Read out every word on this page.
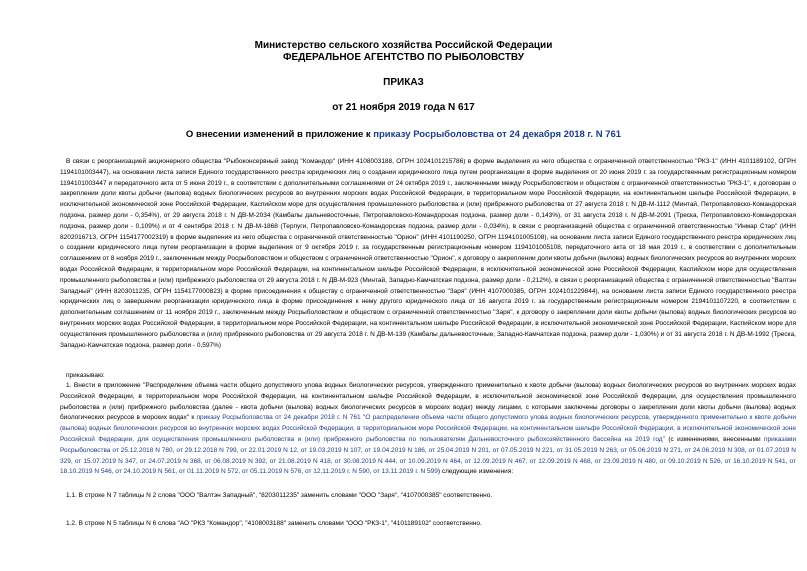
Министерство сельского хозяйства Российской Федерации
ФЕДЕРАЛЬНОЕ АГЕНТСТВО ПО РЫБОЛОВСТВУ
ПРИКАЗ
от 21 ноября 2019 года N 617
О внесении изменений в приложение к приказу Росрыболовства от 24 декабря 2018 г. N 761

В связи с реорганизацией акционерного общества "Рыбоконсервный завод "Командор" (ИНН 4108003188, ОГРН 1024101215786) в форме выделения из него общества с ограниченной ответственностью "РКЗ-1" (ИНН 4101189102, ОГРН 1194101003447), на основании листа записи Единого государственного реестра юридических лиц о создании юридического лица путем реорганизации в форме выделения от 20 июня 2019 г. за государственным регистрационным номером 1194101003447 и передаточного акта от 5 июня 2019 г., в соответствии с дополнительными соглашениями от 24 октября 2019 г., заключенными между Росрыболовством и обществом с ограниченной ответственностью "РКЗ-1", к договорам о закреплении доли квоты добычи (вылова) водных биологических ресурсов во внутренних морских водах Российской Федерации, в территориальном море Российской Федерации, на континентальном шельфе Российской Федерации, в исключительной экономической зоне Российской Федерации, Каспийском море для осуществления промышленного рыболовства и (или) прибрежного рыболовства от 27 августа 2018 г. N ДВ-М-1112 (Минтай, Петропавловско-Командорская подзона, размер доли - 0,354%), от 29 августа 2018 г. N ДВ-М-2034 (Камбалы дальневосточные, Петропавловско-Командорская подзона, размер доли - 0,143%), от 31 августа 2018 г. N ДВ-М-2091 (Треска, Петропавловско-Командорская подзона, размер доли - 0,109%) и от 4 сентября 2018 г. N ДВ-М-1868 (Терпуги, Петропавловско-Командорская подзона, размер доли - 0,034%), в связи с реорганизацией общества с ограниченной ответственностью "Инмар Стар" (ИНН 8202016713, ОГРН 1154177002319) в форме выделения из него общества с ограниченной ответственностью "Орион" (ИНН 4101190250, ОГРН 1194101005108), на основании листа записи Единого государственного реестра юридических лиц о создании юридического лица путем реорганизации в форме выделения от 9 октября 2019 г. за государственным регистрационным номером 1194101005108, передаточного акта от 18 мая 2019 г., в соответствии с дополнительным соглашением от 8 ноября 2019 г., заключенным между Росрыболовством и обществом с ограниченной ответственностью "Орион", к договору о закреплении доли квоты добычи (вылова) водных биологических ресурсов во внутренних морских водах Российской Федерации, в территориальном море Российской Федерации, на континентальном шельфе Российской Федерации, в исключительной экономической зоне Российской Федерации, Каспийском море для осуществления промышленного рыболовства и (или) прибрежного рыболовства от 29 августа 2018 г. N ДВ-М-923 (Минтай, Западно-Камчатская подзона, размер доли - 0,212%), в связи с реорганизацией общества с ограниченной ответственностью "Валтэн Западный" (ИНН 8203011235, ОГРН 1154177000823) в форме присоединения к обществу с ограниченной ответственностью "Заря" (ИНН 4107000385, ОГРН 1024101229844), на основании листа записи Единого государственного реестра юридических лиц о завершении реорганизации юридического лица в форме присоединения к нему другого юридического лица от 16 августа 2019 г. за государственным регистрационным номером 2194101107220, в соответствии с дополнительным соглашением от 11 ноября 2019 г., заключенным между Росрыболовством и обществом с ограниченной ответственностью "Заря", к договору о закреплении доли квоты добычи (вылова) водных биологических ресурсов во внутренних морских водах Российской Федерации, в территориальном море Российской Федерации, на континентальном шельфе Российской Федерации, в исключительной экономической зоне Российской Федерации, Каспийском море для осуществления промышленного рыболовства и (или) прибрежного рыболовства от 29 августа 2018 г. N ДВ-М-139 (Камбалы дальневосточные, Западно-Камчатская подзона, размер доли - 1,030%) и от 31 августа 2018 г. N ДВ-М-1992 (Треска, Западно-Камчатская подзона, размер доли - 0,597%)

приказываю:

1. Внести в приложение "Распределение объема части общего допустимого улова водных биологических ресурсов, утвержденного применительно к квоте добычи (вылова) водных биологических ресурсов во внутренних морских водах Российской Федерации, в территориальном море Российской Федерации, на континентальном шельфе Российской Федерации, в исключительной экономической зоне Российской Федерации, для осуществления промышленного рыболовства и (или) прибрежного рыболовства (далее - квота добычи (вылова) водных биологических ресурсов в морских водах) между лицами, с которыми заключены договоры о закреплении доли квоты добычи (вылова) водных биологических ресурсов в морских водах" к приказу Росрыболовства от 24 декабря 2018 г. N 761 "О распределении объема части общего допустимого улова водных биологических ресурсов, утвержденного применительно к квоте добычи (вылова) водных биологических ресурсов во внутренних морских водах Российской Федерации, в территориальном море Российской Федерации, на континентальном шельфе Российской Федерации, в исключительной экономической зоне Российской Федерации, для осуществления промышленного рыболовства и (или) прибрежного рыболовства по пользователям Дальневосточного рыбохозяйственного бассейна на 2019 год" (с изменениями, внесенными приказами Росрыболовства от 25.12.2018 N 780, от 29.12.2018 N 799, от 22.01.2019 N 12, от 19.03.2019 N 107, от 19.04.2019 N 186, от 25.04.2019 N 201, от 07.05.2019 N 221, от 31.05.2019 N 263, от 05.06.2019 N 271, от 24.06.2019 N 308, от 01.07.2019 N 329, от 15.07.2019 N 347, от 24.07.2019 N 368, от 06.08.2019 N 392, от 21.08.2019 N 418, от 30.08.2019 N 444, от 10.09.2019 N 464, от 12.09.2019 N 467, от 12.09.2019 N 468, от 23.09.2019 N 480, от 09.10.2019 N 526, от 16.10.2019 N 541, от 18.10.2019 N 546, от 24.10.2019 N 561, от 01.11.2019 N 572, от 05.11.2019 N 576, от 12.11.2019 г. N 590, от 13.11.2019 г. N 599) следующие изменения:

1.1. В строке N 7 таблицы N 2 слова "ООО "Валтэн Западный", "8203011235" заменить словами "ООО "Заря", "4107000385" соответственно.

1.2. В строке N 5 таблицы N 6 слова "АО "РКЗ "Командор", "4108003188" заменить словами "ООО "РКЗ-1", "4101189102" соответственно.
